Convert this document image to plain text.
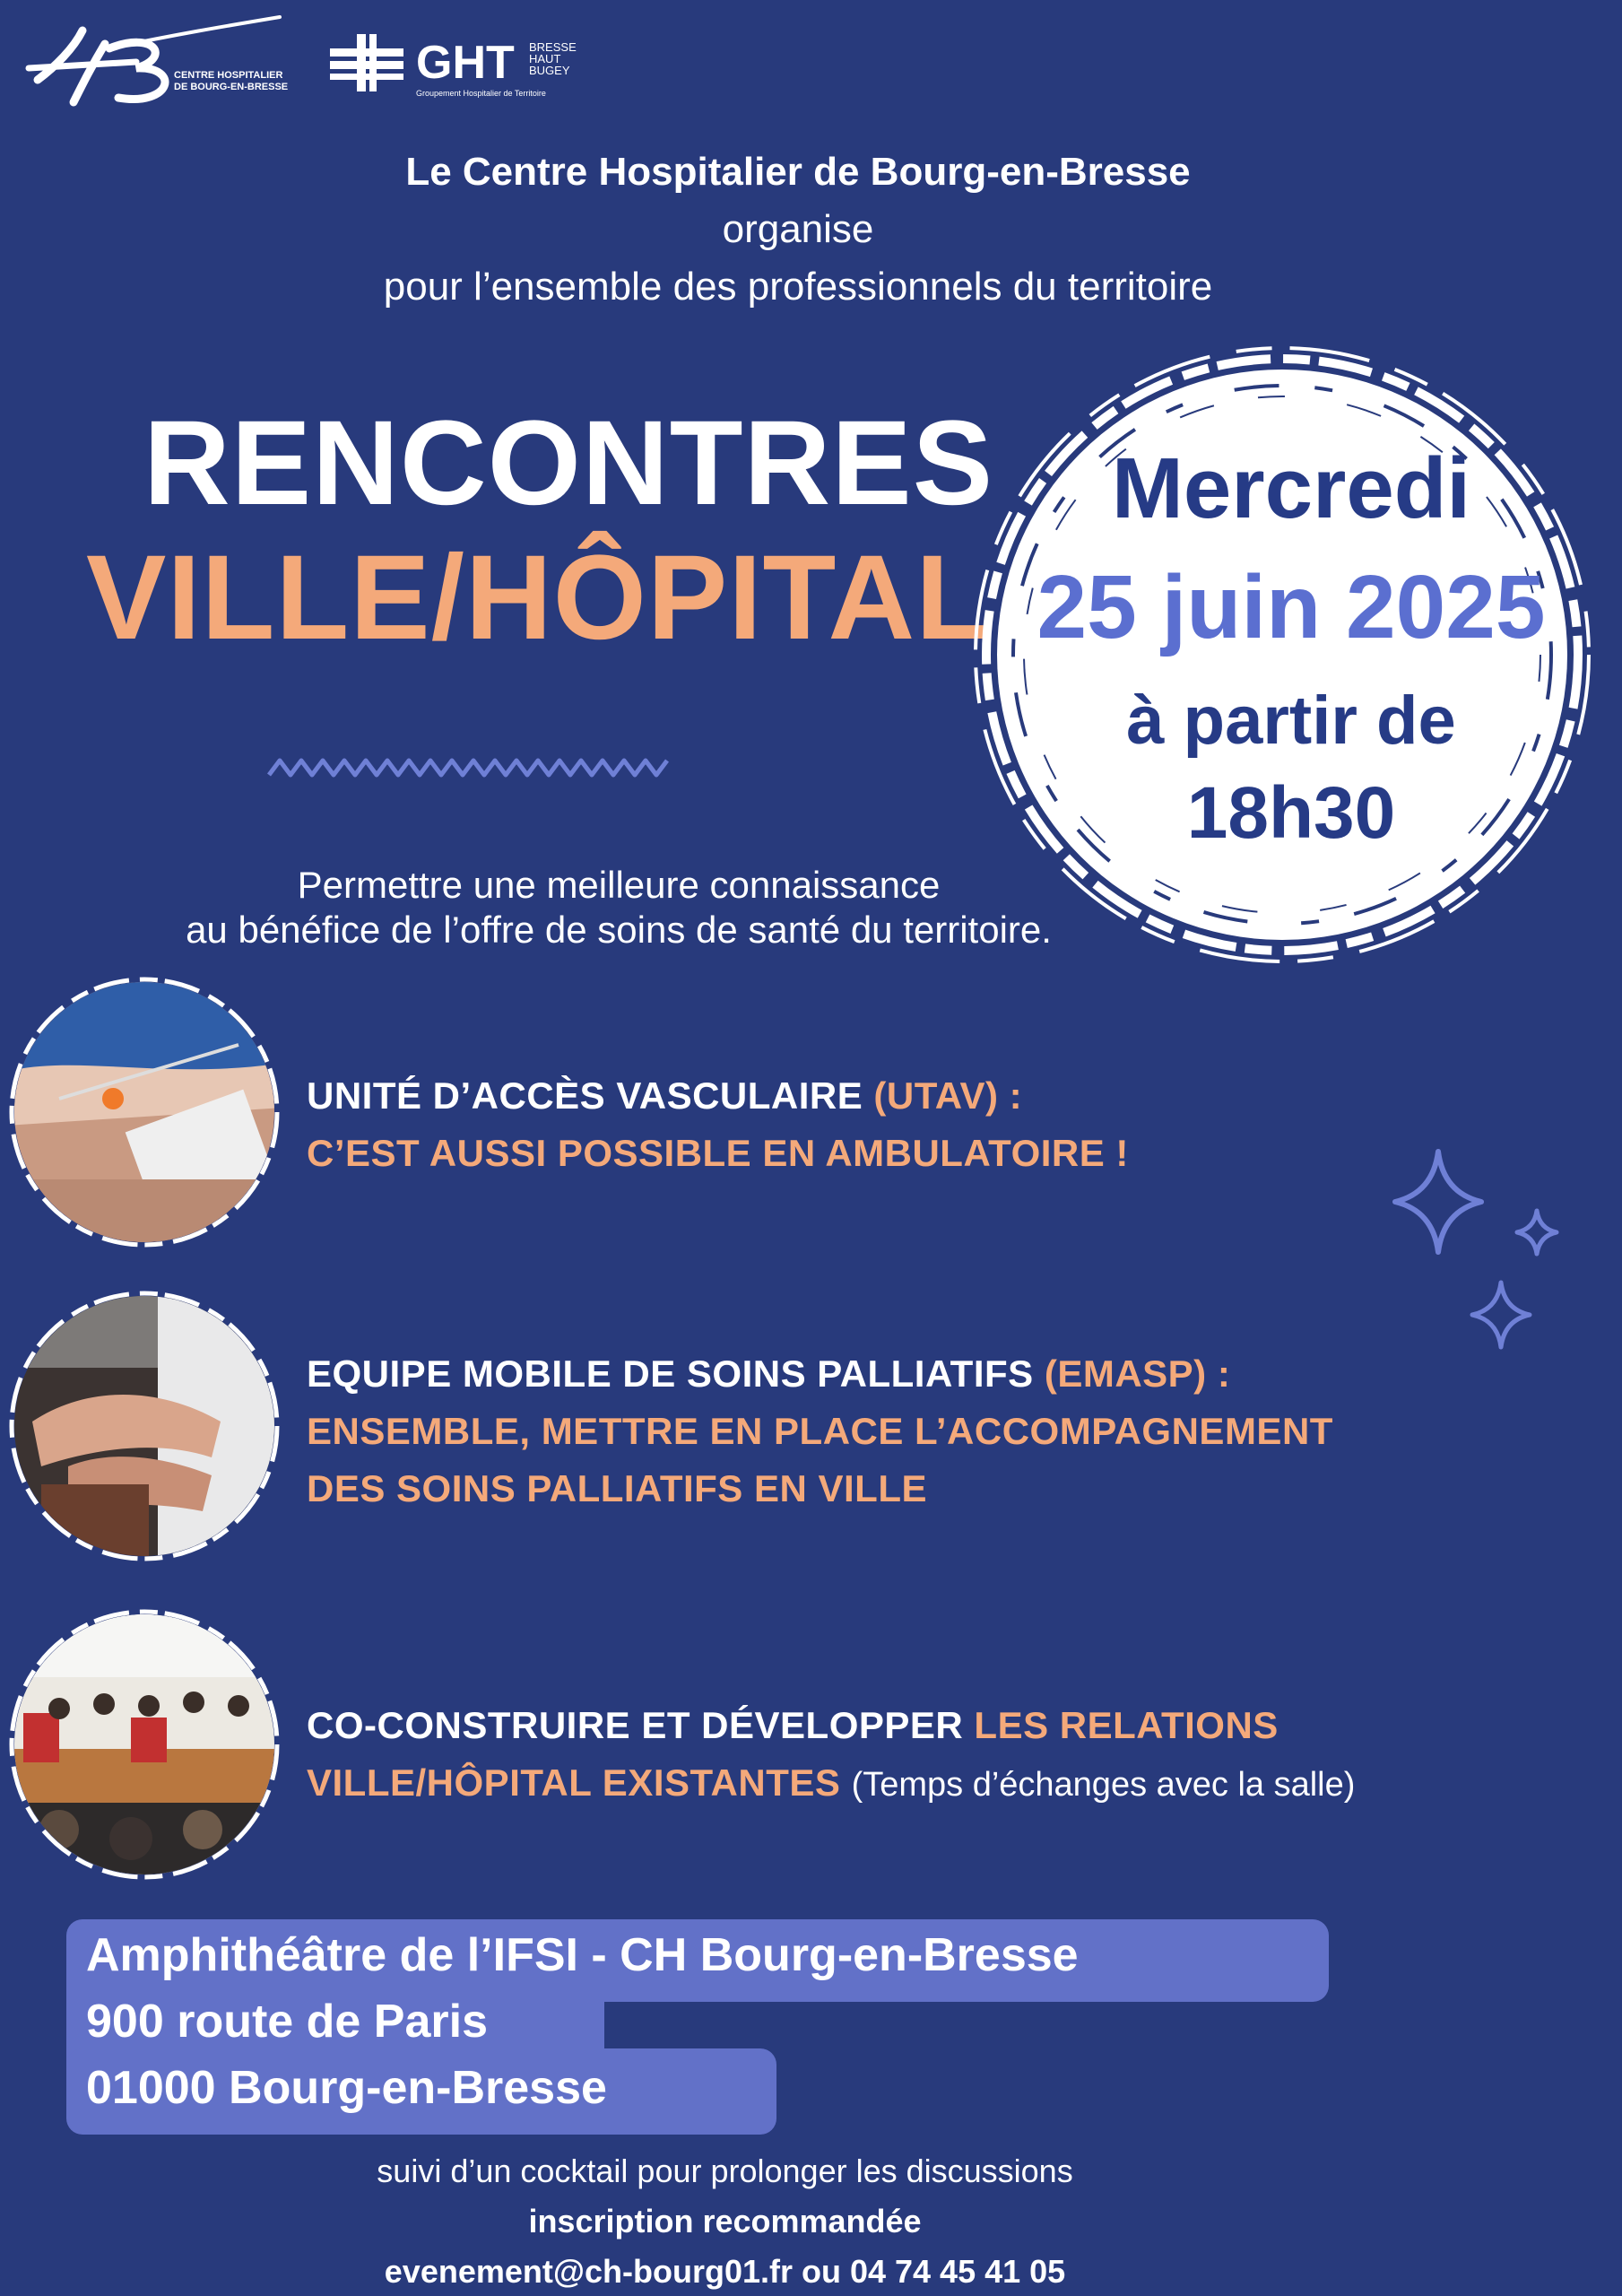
CENTRE HOSPITALIER
DE BOURG-EN-BRESSE	GHT BRESSE
HAUT
BUGEY
Groupement Hospitalier de Territoire
Le Centre Hospitalier de Bourg-en-Bresse
organise
pour l’ensemble des professionnels du territoire
RENCONTRES
VILLE/HÔPITAL
Mercredi
25 juin 2025
à partir de
18h30
Permettre une meilleure connaissance
au bénéfice de l’offre de soins de santé du territoire.
UNITÉ D’ACCÈS VASCULAIRE (UTAV) :
C’EST AUSSI POSSIBLE EN AMBULATOIRE !
EQUIPE MOBILE DE SOINS PALLIATIFS (EMASP) :
ENSEMBLE, METTRE EN PLACE L’ACCOMPAGNEMENT
DES SOINS PALLIATIFS EN VILLE
CO-CONSTRUIRE ET DÉVELOPPER LES RELATIONS
VILLE/HÔPITAL EXISTANTES (Temps d’échanges avec la salle)
Amphithéâtre de l’IFSI - CH Bourg-en-Bresse
900 route de Paris
01000 Bourg-en-Bresse
suivi d’un cocktail pour prolonger les discussions
inscription recommandée
evenement@ch-bourg01.fr ou 04 74 45 41 05
